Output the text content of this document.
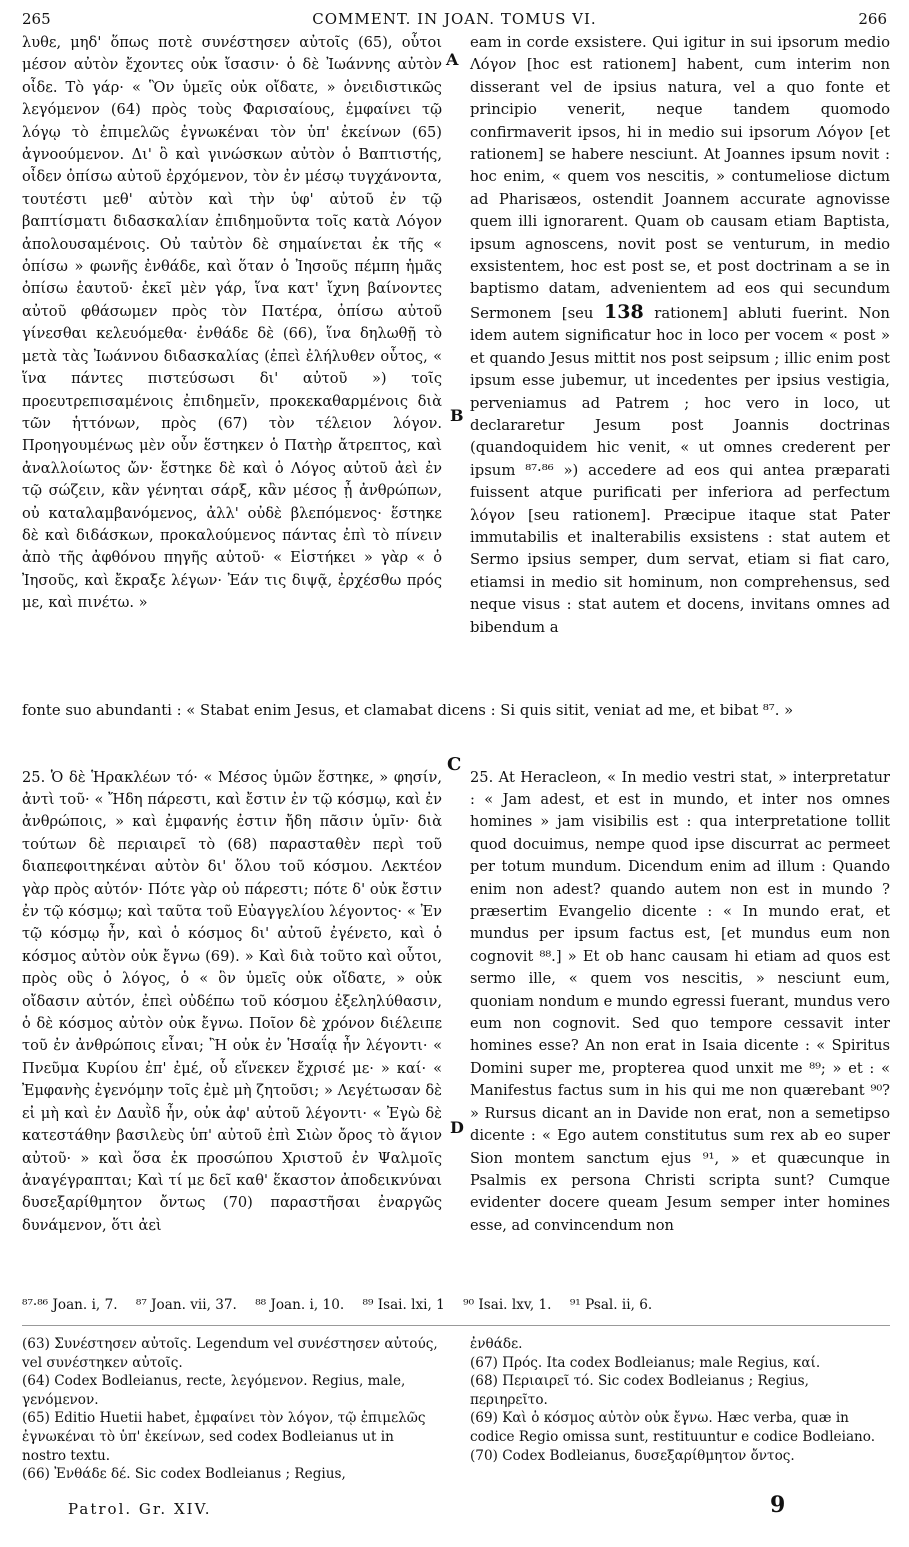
265	COMMENT. IN JOAN. TOMUS VI.	266

λυθε, μηδ' ὅπως ποτὲ συνέστησεν αὐτοῖς (65), οὗτοι μέσον αὐτὸν ἔχοντες οὐκ ἴσασιν· ὁ δὲ Ἰωάννης αὐτὸν οἶδε. Τὸ γάρ· « Ὃν ὑμεῖς οὐκ οἴδατε, » ὀνειδιστικῶς λεγόμενον (64) πρὸς τοὺς Φαρισαίους, ἐμφαίνει τῷ λόγῳ τὸ ἐπιμελῶς ἐγνωκέναι τὸν ὑπ' ἐκείνων (65) ἀγνοούμενον. Δι' ὃ καὶ γινώσκων αὐτὸν ὁ Βαπτιστής, οἶδεν ὀπίσω αὐτοῦ ἐρχόμενον, τὸν ἐν μέσῳ τυγχάνοντα, τουτέστι μεθ' αὐτὸν καὶ τὴν ὑφ' αὐτοῦ ἐν τῷ βαπτίσματι διδασκαλίαν ἐπιδημοῦντα τοῖς κατὰ Λόγον ἀπολουσαμένοις. Οὐ ταὐτὸν δὲ σημαίνεται ἐκ τῆς « ὀπίσω » φωνῆς ἐνθάδε, καὶ ὅταν ὁ Ἰησοῦς πέμπη ἡμᾶς ὀπίσω ἑαυτοῦ· ἐκεῖ μὲν γάρ, ἵνα κατ' ἴχνη βαίνοντες αὐτοῦ φθάσωμεν πρὸς τὸν Πατέρα, ὀπίσω αὐτοῦ γίνεσθαι κελευόμεθα· ἐνθάδε δὲ (66), ἵνα δηλωθῇ τὸ μετὰ τὰς Ἰωάννου διδασκαλίας (ἐπεὶ ἐλήλυθεν οὗτος, « ἵνα πάντες πιστεύσωσι δι' αὐτοῦ ») τοῖς προευτρεπισαμένοις ἐπιδημεῖν, προκεκαθαρμένοις διὰ τῶν ἡττόνων, πρὸς (67) τὸν τέλειον λόγον. Προηγουμένως μὲν οὖν ἕστηκεν ὁ Πατὴρ ἄτρεπτος, καὶ ἀναλλοίωτος ὤν· ἕστηκε δὲ καὶ ὁ Λόγος αὐτοῦ ἀεὶ ἐν τῷ σώζειν, κἂν γένηται σάρξ, κἂν μέσος ᾖ ἀνθρώπων, οὐ καταλαμβανόμενος, ἀλλ' οὐδὲ βλεπόμενος· ἕστηκε δὲ καὶ διδάσκων, προκαλούμενος πάντας ἐπὶ τὸ πίνειν ἀπὸ τῆς ἀφθόνου πηγῆς αὐτοῦ· « Εἱστήκει » γὰρ « ὁ Ἰησοῦς, καὶ ἔκραξε λέγων· Ἐάν τις διψᾷ, ἐρχέσθω πρός με, καὶ πινέτω. »

A
B

eam in corde exsistere. Qui igitur in sui ipsorum medio Λόγον [hoc est rationem] habent, cum interim non disserant vel de ipsius natura, vel a quo fonte et principio venerit, neque tandem quomodo confirmaverit ipsos, hi in medio sui ipsorum Λόγον [et rationem] se habere nesciunt. At Joannes ipsum novit : hoc enim, « quem vos nescitis, » contumeliose dictum ad Pharisæos, ostendit Joannem accurate agnovisse quem illi ignorarent. Quam ob causam etiam Baptista, ipsum agnoscens, novit post se venturum, in medio exsistentem, hoc est post se, et post doctrinam a se in baptismo datam, advenientem ad eos qui secundum Sermonem [seu 138 rationem] abluti fuerint. Non idem autem significatur hoc in loco per vocem « post » et quando Jesus mittit nos post seipsum ; illic enim post ipsum esse jubemur, ut incedentes per ipsius vestigia, perveniamus ad Patrem ; hoc vero in loco, ut declararetur Jesum post Joannis doctrinas (quandoquidem hic venit, « ut omnes crederent per ipsum ⁸⁷·⁸⁶ ») accedere ad eos qui antea præparati fuissent atque purificati per inferiora ad perfectum λόγον [seu rationem]. Præcipue itaque stat Pater immutabilis et inalterabilis exsistens : stat autem et Sermo ipsius semper, dum servat, etiam si fiat caro, etiamsi in medio sit hominum, non comprehensus, sed neque visus : stat autem et docens, invitans omnes ad bibendum a

fonte suo abundanti : « Stabat enim Jesus, et clamabat dicens : Si quis sitit, veniat ad me, et bibat ⁸⁷. »
C
D

25. Ὁ δὲ Ἡρακλέων τό· « Μέσος ὑμῶν ἕστηκε, » φησίν, ἀντὶ τοῦ· « Ἤδη πάρεστι, καὶ ἔστιν ἐν τῷ κόσμῳ, καὶ ἐν ἀνθρώποις, » καὶ ἐμφανής ἐστιν ἤδη πᾶσιν ὑμῖν· διὰ τούτων δὲ περιαιρεῖ τὸ (68) παρασταθὲν περὶ τοῦ διαπεφοιτηκέναι αὐτὸν δι' ὅλου τοῦ κόσμου. Λεκτέον γὰρ πρὸς αὐτόν· Πότε γὰρ οὐ πάρεστι; πότε δ' οὐκ ἔστιν ἐν τῷ κόσμῳ; καὶ ταῦτα τοῦ Εὐαγγελίου λέγοντος· « Ἐν τῷ κόσμῳ ἦν, καὶ ὁ κόσμος δι' αὐτοῦ ἐγένετο, καὶ ὁ κόσμος αὐτὸν οὐκ ἔγνω (69). » Καὶ διὰ τοῦτο καὶ οὗτοι, πρὸς οὓς ὁ λόγος, ὁ « ὃν ὑμεῖς οὐκ οἴδατε, » οὐκ οἴδασιν αὐτόν, ἐπεὶ οὐδέπω τοῦ κόσμου ἐξεληλύθασιν, ὁ δὲ κόσμος αὐτὸν οὐκ ἔγνω. Ποῖον δὲ χρόνον διέλειπε τοῦ ἐν ἀνθρώποις εἶναι; Ἢ οὐκ ἐν Ἡσαΐᾳ ἦν λέγοντι· « Πνεῦμα Κυρίου ἐπ' ἐμέ, οὗ εἵνεκεν ἔχρισέ με· » καί· « Ἐμφανὴς ἐγενόμην τοῖς ἐμὲ μὴ ζητοῦσι; » Λεγέτωσαν δὲ εἰ μὴ καὶ ἐν Δαυῒδ ἦν, οὐκ ἀφ' αὐτοῦ λέγοντι· « Ἐγὼ δὲ κατεστάθην βασιλεὺς ὑπ' αὐτοῦ ἐπὶ Σιὼν ὄρος τὸ ἅγιον αὐτοῦ· » καὶ ὅσα ἐκ προσώπου Χριστοῦ ἐν Ψαλμοῖς ἀναγέγραπται; Καὶ τί με δεῖ καθ' ἕκαστον ἀποδεικνύναι δυσεξαρίθμητον ὄντως (70) παραστῆσαι ἐναργῶς δυνάμενον, ὅτι ἀεὶ

25. At Heracleon, « In medio vestri stat, » interpretatur : « Jam adest, et est in mundo, et inter nos omnes homines » jam visibilis est : qua interpretatione tollit quod docuimus, nempe quod ipse discurrat ac permeet per totum mundum. Dicendum enim ad illum : Quando enim non adest? quando autem non est in mundo ? præsertim Evangelio dicente : « In mundo erat, et mundus per ipsum factus est, [et mundus eum non cognovit ⁸⁸.] » Et ob hanc causam hi etiam ad quos est sermo ille, « quem vos nescitis, » nesciunt eum, quoniam nondum e mundo egressi fuerant, mundus vero eum non cognovit. Sed quo tempore cessavit inter homines esse? An non erat in Isaia dicente : « Spiritus Domini super me, propterea quod unxit me ⁸⁹; » et : « Manifestus factus sum in his qui me non quærebant ⁹⁰? » Rursus dicant an in Davide non erat, non a semetipso dicente : « Ego autem constitutus sum rex ab eo super Sion montem sanctum ejus ⁹¹, » et quæcunque in Psalmis ex persona Christi scripta sunt? Cumque evidenter docere queam Jesum semper inter homines esse, ad convincendum non

⁸⁷·⁸⁶ Joan. i, 7. ⁸⁷ Joan. vii, 37. ⁸⁸ Joan. i, 10. ⁸⁹ Isai. lxi, 1 ⁹⁰ Isai. lxv, 1. ⁹¹ Psal. ii, 6.

(63) Συνέστησεν αὐτοῖς. Legendum vel συνέστησεν αὐτούς, vel συνέστηκεν αὐτοῖς.

(64) Codex Bodleianus, recte, λεγόμενον. Regius, male, γενόμενον.

(65) Editio Huetii habet, ἐμφαίνει τὸν λόγον, τῷ ἐπιμελῶς ἐγνωκέναι τὸ ὑπ' ἐκείνων, sed codex Bodleianus ut in nostro textu.

(66) Ἐνθάδε δέ. Sic codex Bodleianus ; Regius,

ἐνθάδε.

(67) Πρός. Ita codex Bodleianus; male Regius, καί.

(68) Περιαιρεῖ τό. Sic codex Bodleianus ; Regius, περιηρεῖτο.

(69) Καὶ ὁ κόσμος αὐτὸν οὐκ ἔγνω. Hæc verba, quæ in codice Regio omissa sunt, restituuntur e codice Bodleiano.

(70) Codex Bodleianus, δυσεξαρίθμητον ὄντος.

Patrol. Gr. XIV.	9
